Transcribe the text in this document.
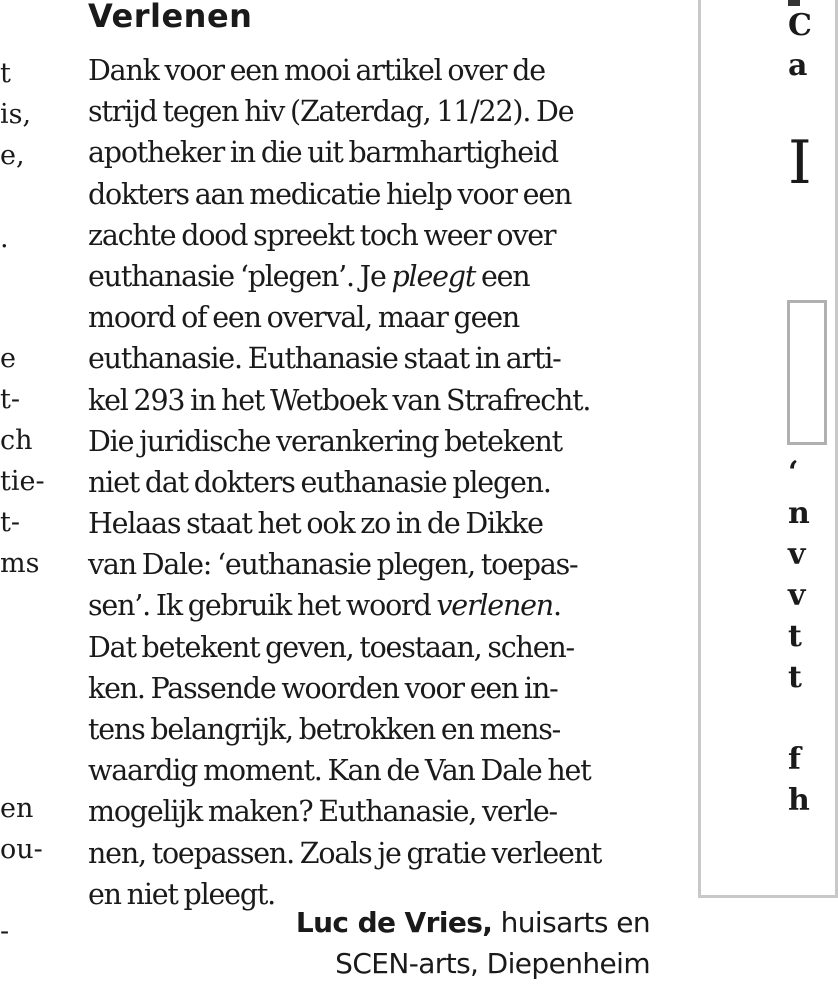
t
is,
e,
.
e
t-
ch
tie-
t-
ms
en
ou-
-
Verlenen
Dank voor een mooi artikel over de
strijd tegen hiv (Zaterdag, 11/22). De
apotheker in die uit barmhartigheid
dokters aan medicatie hielp voor een
zachte dood spreekt toch weer over
euthanasie ‘plegen’. Je pleegt een
moord of een overval, maar geen
euthanasie. Euthanasie staat in arti-
kel 293 in het Wetboek van Strafrecht.
Die juridische verankering betekent
niet dat dokters euthanasie plegen.
Helaas staat het ook zo in de Dikke
van Dale: ‘euthanasie plegen, toepas-
sen’. Ik gebruik het woord verlenen.
Dat betekent geven, toestaan, schen-
ken. Passende woorden voor een in-
tens belangrijk, betrokken en mens-
waardig moment. Kan de Van Dale het
mogelijk maken? Euthanasie, verle-
nen, toepassen. Zoals je gratie verleent
en niet pleegt.
Luc de Vries, huisarts en
SCEN-arts, Diepenheim
C
a
I
‘
n
v
v
t
t
f
h
